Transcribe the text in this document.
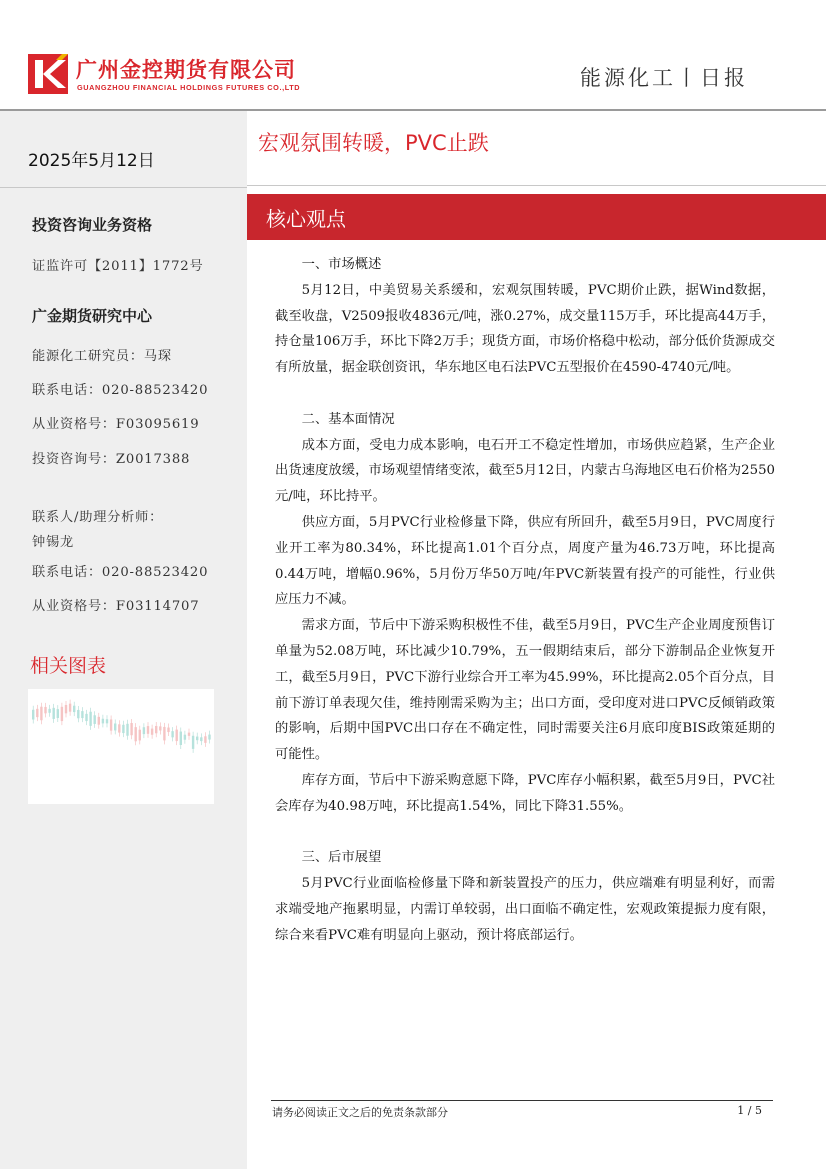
广州金控期货有限公司
GUANGZHOU FINANCIAL HOLDINGS FUTURES CO.,LTD	能源化工丨日报
2025年5月12日
投资咨询业务资格
证监许可【2011】1772号
广金期货研究中心
能源化工研究员：马琛
联系电话：020-88523420
从业资格号：F03095619
投资咨询号：Z0017388
联系人/助理分析师：
钟锡龙
联系电话：020-88523420
从业资格号：F03114707
相关图表
宏观氛围转暖，PVC止跌
核心观点

一、市场概述

5月12日，中美贸易关系缓和，宏观氛围转暖，PVC期价止跌，据Wind数据，截至收盘，V2509报收4836元/吨，涨0.27%，成交量115万手，环比提高44万手，持仓量106万手，环比下降2万手；现货方面，市场价格稳中松动，部分低价货源成交有所放量，据金联创资讯，华东地区电石法PVC五型报价在4590-4740元/吨。

二、基本面情况

成本方面，受电力成本影响，电石开工不稳定性增加，市场供应趋紧，生产企业出货速度放缓，市场观望情绪变浓，截至5月12日，内蒙古乌海地区电石价格为2550元/吨，环比持平。

供应方面，5月PVC行业检修量下降，供应有所回升，截至5月9日，PVC周度行业开工率为80.34%，环比提高1.01个百分点，周度产量为46.73万吨，环比提高0.44万吨，增幅0.96%，5月份万华50万吨/年PVC新装置有投产的可能性，行业供应压力不减。

需求方面，节后中下游采购积极性不佳，截至5月9日，PVC生产企业周度预售订单量为52.08万吨，环比减少10.79%，五一假期结束后，部分下游制品企业恢复开工，截至5月9日，PVC下游行业综合开工率为45.99%，环比提高2.05个百分点，目前下游订单表现欠佳，维持刚需采购为主；出口方面，受印度对进口PVC反倾销政策的影响，后期中国PVC出口存在不确定性，同时需要关注6月底印度BIS政策延期的可能性。

库存方面，节后中下游采购意愿下降，PVC库存小幅积累，截至5月9日，PVC社会库存为40.98万吨，环比提高1.54%，同比下降31.55%。

三、后市展望

5月PVC行业面临检修量下降和新装置投产的压力，供应端难有明显利好，而需求端受地产拖累明显，内需订单较弱，出口面临不确定性，宏观政策提振力度有限，综合来看PVC难有明显向上驱动，预计将底部运行。

请务必阅读正文之后的免责条款部分	1 / 5
